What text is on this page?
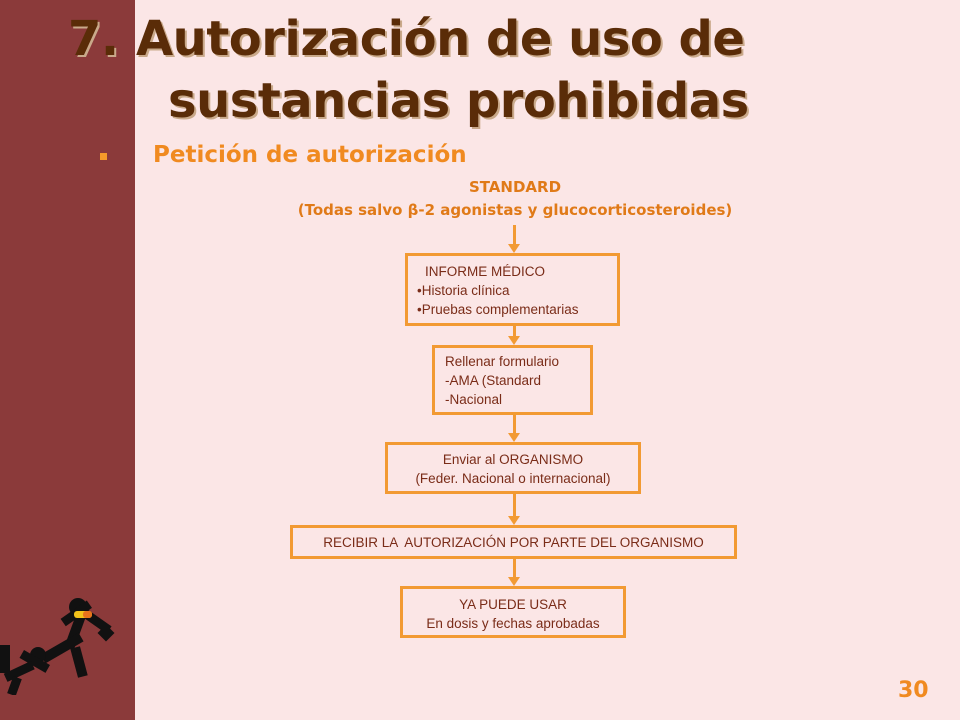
7. Autorización de uso de
sustancias prohibidas
Petición de autorización
STANDARD
(Todas salvo β-2 agonistas y glucocorticosteroides)
INFORME MÉDICO
•Historia clínica
•Pruebas complementarias
Rellenar formulario
-AMA (Standard
-Nacional
Enviar al ORGANISMO
(Feder. Nacional o internacional)
RECIBIR LA  AUTORIZACIÓN POR PARTE DEL ORGANISMO
YA PUEDE USAR
En dosis y fechas aprobadas
30
